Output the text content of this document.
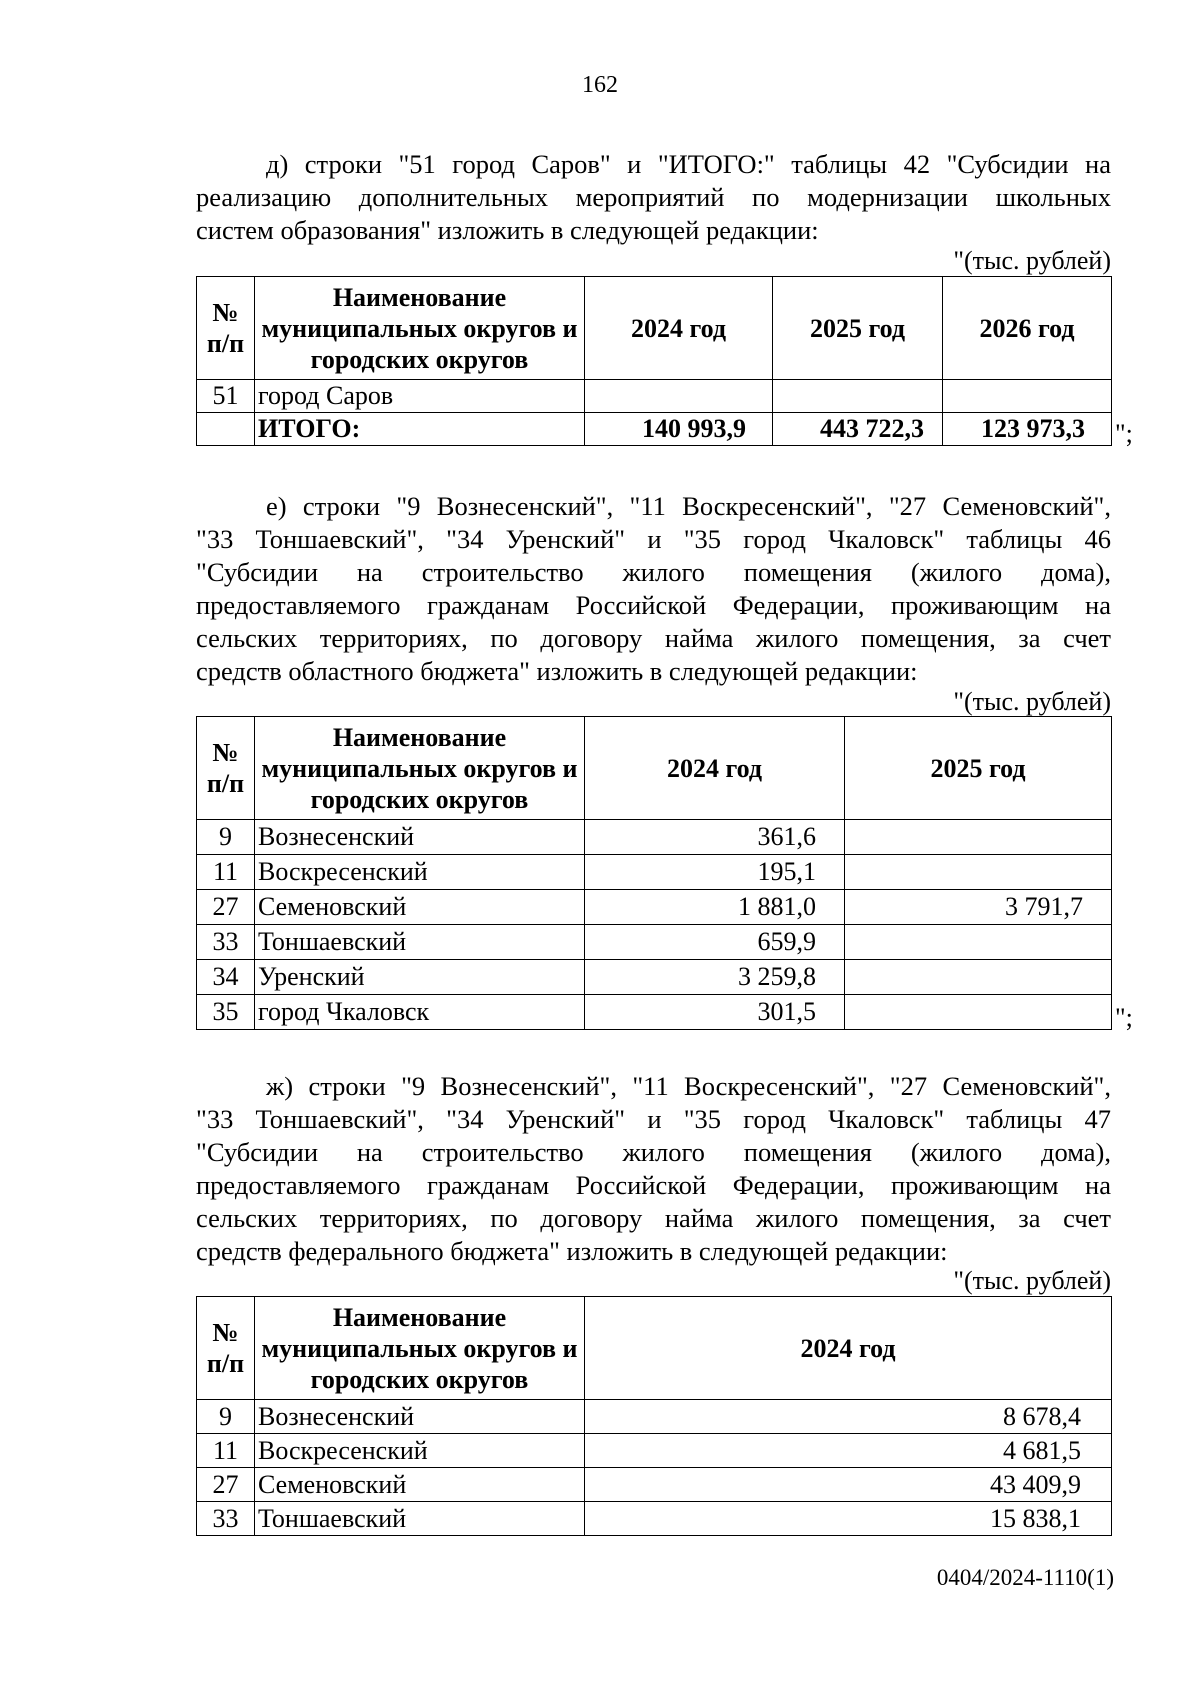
162

д) строки "51 город Саров" и "ИТОГО:" таблицы 42 "Субсидии на
реализацию дополнительных мероприятий по модернизации школьных
систем образования" изложить в следующей редакции:

"(тыс. рублей)
№ п/п	Наименование муниципальных округов и городских округов	2024 год	2025 год	2026 год
51	город Саров			
	ИТОГО:	140 993,9	443 722,3	123 973,3 ";

е) строки "9 Вознесенский", "11 Воскресенский", "27 Семеновский",
"33 Тоншаевский", "34 Уренский" и "35 город Чкаловск" таблицы 46
"Субсидии на строительство жилого помещения (жилого дома),
предоставляемого гражданам Российской Федерации, проживающим на
сельских территориях, по договору найма жилого помещения, за счет
средств областного бюджета" изложить в следующей редакции:

"(тыс. рублей)
№ п/п	Наименование муниципальных округов и городских округов	2024 год	2025 год
9	Вознесенский	361,6	
11	Воскресенский	195,1	
27	Семеновский	1 881,0	3 791,7
33	Тоншаевский	659,9	
34	Уренский	3 259,8	
35	город Чкаловск	301,5		";

ж) строки "9 Вознесенский", "11 Воскресенский", "27 Семеновский",
"33 Тоншаевский", "34 Уренский" и "35 город Чкаловск" таблицы 47
"Субсидии на строительство жилого помещения (жилого дома),
предоставляемого гражданам Российской Федерации, проживающим на
сельских территориях, по договору найма жилого помещения, за счет
средств федерального бюджета" изложить в следующей редакции:

"(тыс. рублей)
№ п/п	Наименование муниципальных округов и городских округов	2024 год
9	Вознесенский	8 678,4
11	Воскресенский	4 681,5
27	Семеновский	43 409,9
33	Тоншаевский	15 838,1
0404/2024-1110(1)
